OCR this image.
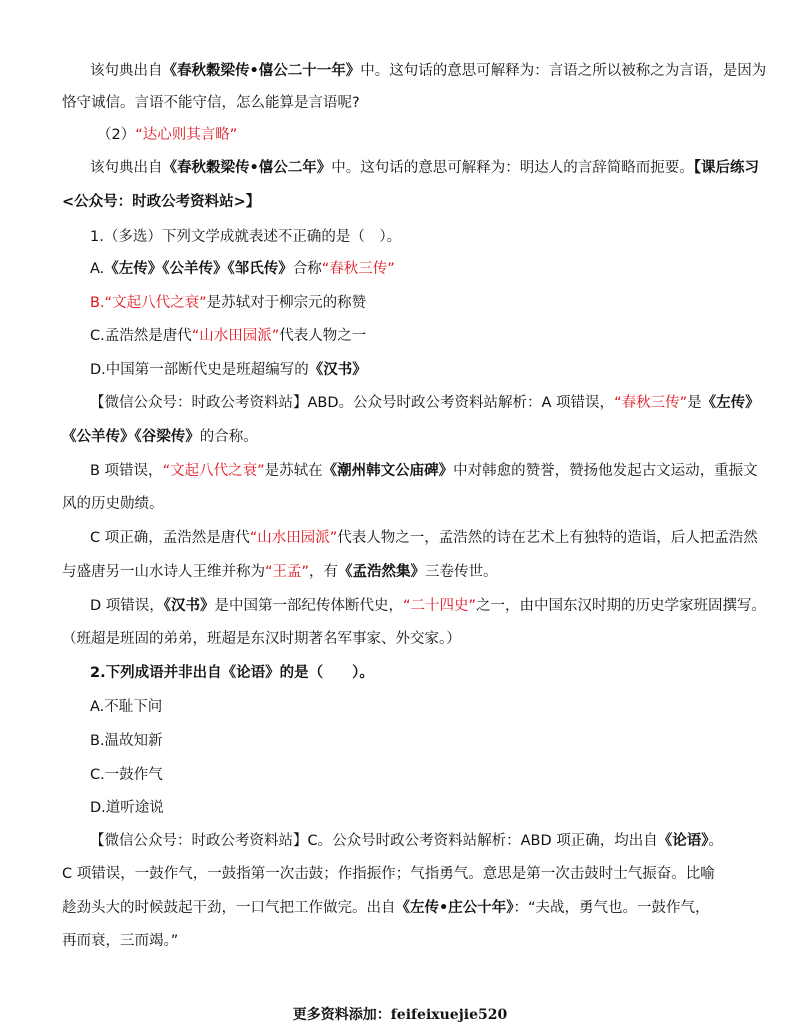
该句典出自《春秋穀梁传•僖公二十一年》中。这句话的意思可解释为：言语之所以被称之为言语，是因为
恪守诚信。言语不能守信，怎么能算是言语呢?
（2）“达心则其言略”
该句典出自《春秋穀梁传•僖公二年》中。这句话的意思可解释为：明达人的言辞简略而扼要。【课后练习
<公众号：时政公考资料站>】
1.（多选）下列文学成就表述不正确的是（　）。
A.《左传》《公羊传》《邹氏传》合称“春秋三传”
B.“文起八代之衰”是苏轼对于柳宗元的称赞
C.孟浩然是唐代“山水田园派”代表人物之一
D.中国第一部断代史是班超编写的《汉书》
【微信公众号：时政公考资料站】ABD。公众号时政公考资料站解析：A 项错误，“春秋三传”是《左传》
《公羊传》《谷梁传》的合称。
B 项错误，“文起八代之衰”是苏轼在《潮州韩文公庙碑》中对韩愈的赞誉，赞扬他发起古文运动，重振文
风的历史勋绩。
C 项正确，孟浩然是唐代“山水田园派”代表人物之一，孟浩然的诗在艺术上有独特的造诣，后人把孟浩然
与盛唐另一山水诗人王维并称为“王孟”，有《孟浩然集》三卷传世。
D 项错误，《汉书》是中国第一部纪传体断代史，“二十四史”之一，由中国东汉时期的历史学家班固撰写。
（班超是班固的弟弟，班超是东汉时期著名军事家、外交家。）
2.下列成语并非出自《论语》的是（　　）。
A.不耻下问
B.温故知新
C.一鼓作气
D.道听途说
【微信公众号：时政公考资料站】C。公众号时政公考资料站解析：ABD 项正确，均出自《论语》。
C 项错误，一鼓作气，一鼓指第一次击鼓；作指振作；气指勇气。意思是第一次击鼓时士气振奋。比喻
趁劲头大的时候鼓起干劲，一口气把工作做完。出自《左传•庄公十年》：“夫战，勇气也。一鼓作气，
再而衰，三而竭。”
更多资料添加：feifeixuejie520
